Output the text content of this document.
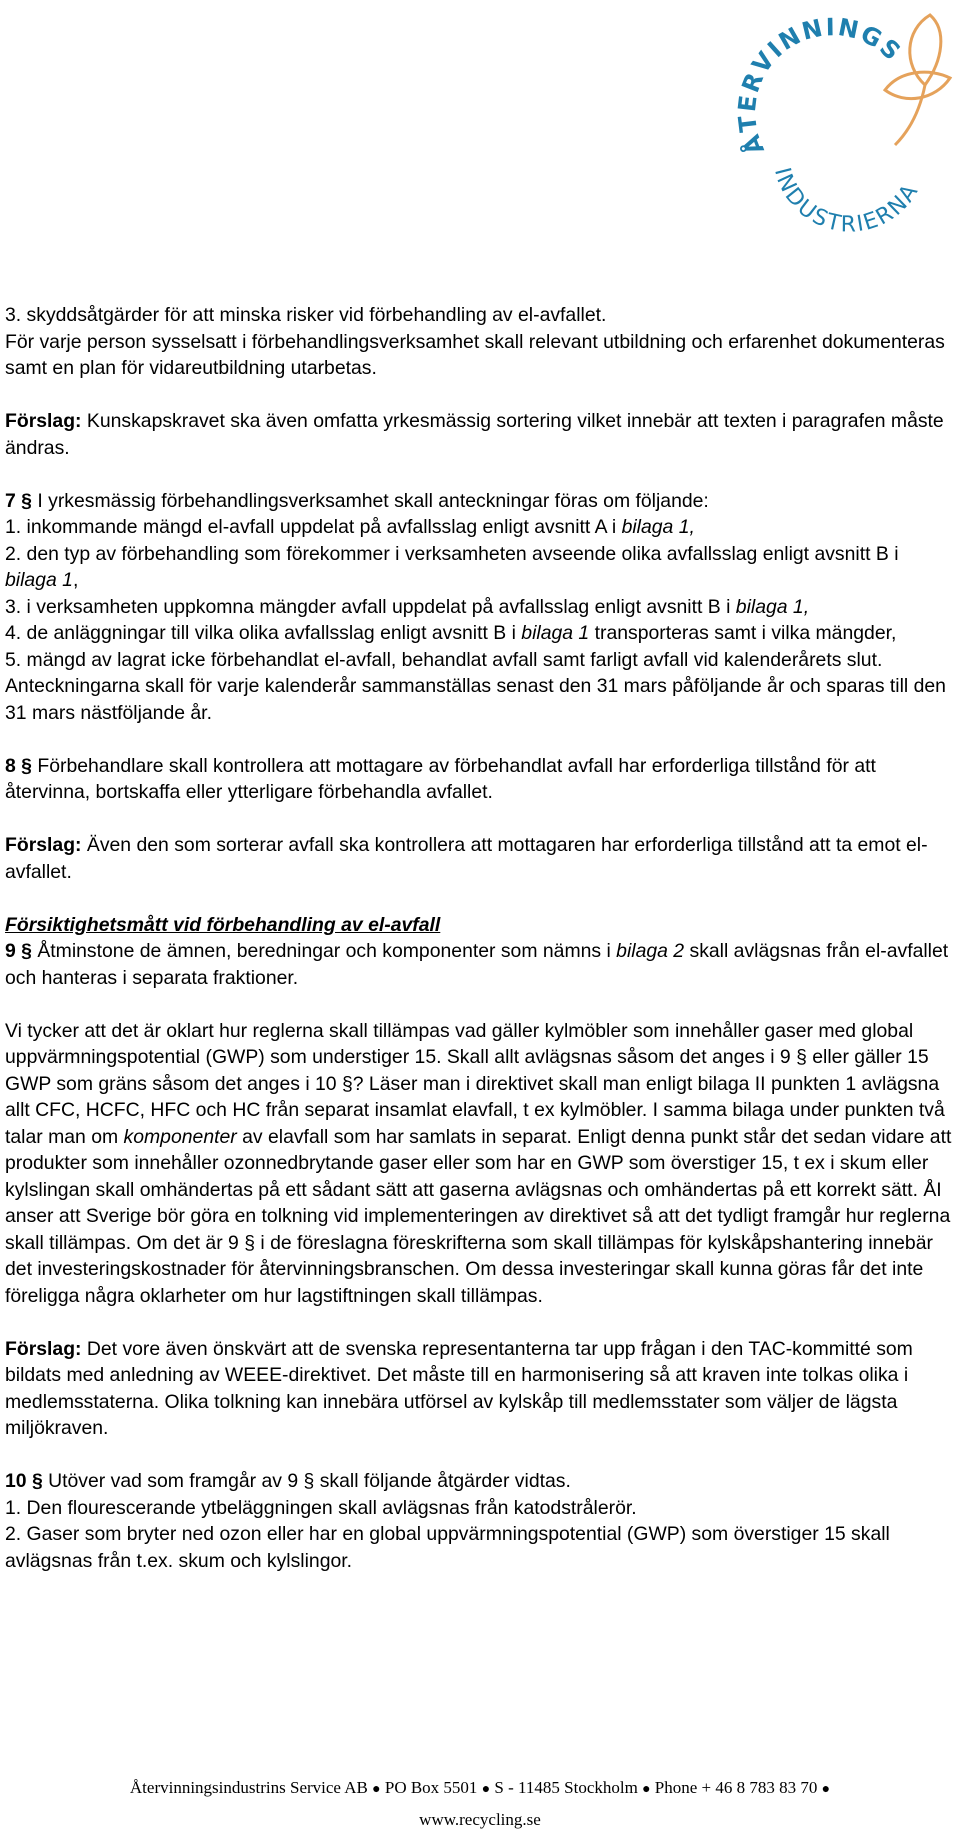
ÅTERVINNINGS
INDUSTRIERNA

3. skyddsåtgärder för att minska risker vid förbehandling av el-avfallet.

För varje person sysselsatt i förbehandlingsverksamhet skall relevant utbildning och erfarenhet dokumenteras samt en plan för vidareutbildning utarbetas.

Förslag: Kunskapskravet ska även omfatta yrkesmässig sortering vilket innebär att texten i paragrafen måste ändras.

7 § I yrkesmässig förbehandlingsverksamhet skall anteckningar föras om följande:
1. inkommande mängd el-avfall uppdelat på avfallsslag enligt avsnitt A i bilaga 1,
2. den typ av förbehandling som förekommer i verksamheten avseende olika avfallsslag enligt avsnitt B i bilaga 1,
3. i verksamheten uppkomna mängder avfall uppdelat på avfallsslag enligt avsnitt B i bilaga 1,
4. de anläggningar till vilka olika avfallsslag enligt avsnitt B i bilaga 1 transporteras samt i vilka mängder,
5. mängd av lagrat icke förbehandlat el-avfall, behandlat avfall samt farligt avfall vid kalenderårets slut.

Anteckningarna skall för varje kalenderår sammanställas senast den 31 mars påföljande år och sparas till den 31 mars nästföljande år.

8 § Förbehandlare skall kontrollera att mottagare av förbehandlat avfall har erforderliga tillstånd för att återvinna, bortskaffa eller ytterligare förbehandla avfallet.

Förslag: Även den som sorterar avfall ska kontrollera att mottagaren har erforderliga tillstånd att ta emot el-avfallet.

Försiktighetsmått vid förbehandling av el-avfall

9 § Åtminstone de ämnen, beredningar och komponenter som nämns i bilaga 2 skall avlägsnas från el-avfallet och hanteras i separata fraktioner.

Vi tycker att det är oklart hur reglerna skall tillämpas vad gäller kylmöbler som innehåller gaser med global uppvärmningspotential (GWP) som understiger 15. Skall allt avlägsnas såsom det anges i 9 § eller gäller 15 GWP som gräns såsom det anges i 10 §? Läser man i direktivet skall man enligt bilaga II punkten 1 avlägsna allt CFC, HCFC, HFC och HC från separat insamlat elavfall, t ex kylmöbler. I samma bilaga under punkten två talar man om komponenter av elavfall som har samlats in separat. Enligt denna punkt står det sedan vidare att produkter som innehåller ozonnedbrytande gaser eller som har en GWP som överstiger 15, t ex i skum eller kylslingan skall omhändertas på ett sådant sätt att gaserna avlägsnas och omhändertas på ett korrekt sätt. ÅI anser att Sverige bör göra en tolkning vid implementeringen av direktivet så att det tydligt framgår hur reglerna skall tillämpas. Om det är 9 § i de föreslagna föreskrifterna som skall tillämpas för kylskåpshantering innebär det investeringskostnader för återvinningsbranschen. Om dessa investeringar skall kunna göras får det inte föreligga några oklarheter om hur lagstiftningen skall tillämpas.

Förslag: Det vore även önskvärt att de svenska representanterna tar upp frågan i den TAC-kommitté som bildats med anledning av WEEE-direktivet. Det måste till en harmonisering så att kraven inte tolkas olika i medlemsstaterna. Olika tolkning kan innebära utförsel av kylskåp till medlemsstater som väljer de lägsta miljökraven.

10 § Utöver vad som framgår av 9 § skall följande åtgärder vidtas.
1. Den flourescerande ytbeläggningen skall avlägsnas från katodstrålerör.
2. Gaser som bryter ned ozon eller har en global uppvärmningspotential (GWP) som överstiger 15 skall avlägsnas från t.ex. skum och kylslingor.
Återvinningsindustrins Service AB ● PO Box 5501 ● S - 11485 Stockholm ● Phone + 46 8 783 83 70 ●
www.recycling.se
